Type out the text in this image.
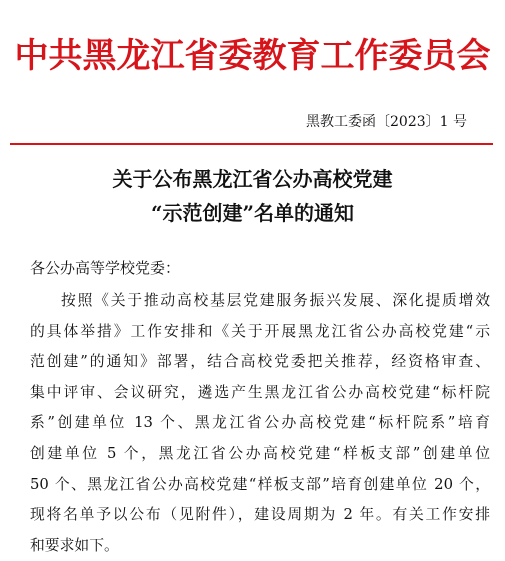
中共黑龙江省委教育工作委员会
黑教工委函〔2023〕1 号
关于公布黑龙江省公办高校党建
“示范创建”名单的通知
各公办高等学校党委：
按照《关于推动高校基层党建服务振兴发展、深化提质增效
的具体举措》工作安排和《关于开展黑龙江省公办高校党建“示
范创建”的通知》部署，结合高校党委把关推荐，经资格审查、
集中评审、会议研究，遴选产生黑龙江省公办高校党建“标杆院
系”创建单位 13 个、黑龙江省公办高校党建“标杆院系”培育
创建单位 5 个，黑龙江省公办高校党建“样板支部”创建单位
50 个、黑龙江省公办高校党建“样板支部”培育创建单位 20 个，
现将名单予以公布（见附件），建设周期为 2 年。有关工作安排
和要求如下。
